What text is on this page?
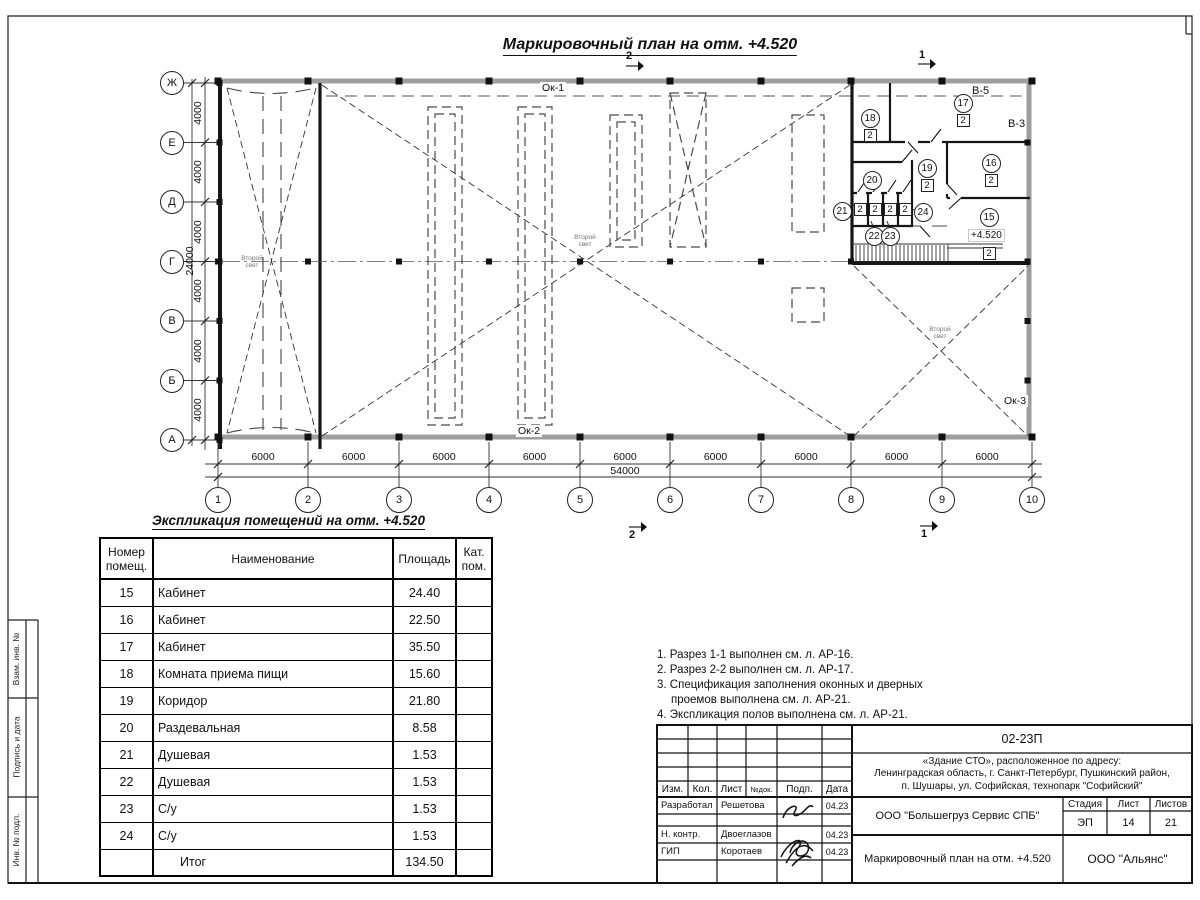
Маркировочный план на отм. +4.520
Экспликация помещений на отм. +4.520
2	1
2	1
Ок-1
Ок-2
Ок-3
В-5
В-3
+4.520
Номер помещ.	Наименование	Площадь	Кат. пом.
15	Кабинет	24.40	
16	Кабинет	22.50	
17	Кабинет	35.50	
18	Комната приема пищи	15.60	
19	Коридор	21.80	
20	Раздевальная	8.58	
21	Душевая	1.53	
22	Душевая	1.53	
23	С/у	1.53	
24	С/у	1.53	
	Итог	134.50	
1. Разрез 1-1 выполнен см. л. АР-16.
2. Разрез 2-2 выполнен см. л. АР-17.
3. Спецификация заполнения оконных и дверных
проемов выполнена см. л. АР-21.
4. Экспликация полов выполнена см. л. АР-21.
02-23П
«Здание СТО», расположенное по адресу:
Ленинградская область, г. Санкт-Петербург, Пушкинский район,
п. Шушары, ул. Софийская, технопарк "Софийский"
Изм. Кол. Лист	№док.	Подп.	Дата
ООО "Большегруз Сервис СПБ"
Маркировочный план на отм. +4.520
Стадия	Лист	Листов
ЭП	14	21
ООО "Альянс"
Взам. инв. №
Подпись и дата
Инв. № подл.
Ж
Е
Д
Г
В
Б
А
1	2	3	4	5	6	7	8	9	10
6000	6000	6000	6000	6000	6000	6000	6000	6000
54000
4000
4000
4000
4000
4000
4000
24000
15
2
16
2
17
2
18
2
19
2
20
21
22 23
24
2	2	2	2
Второй
свет
Второй
свет
Второй
свет
Разработал Решетова	04.23
Н. контр. Двоеглазов	04.23
ГИП	Коротаев	04.23
